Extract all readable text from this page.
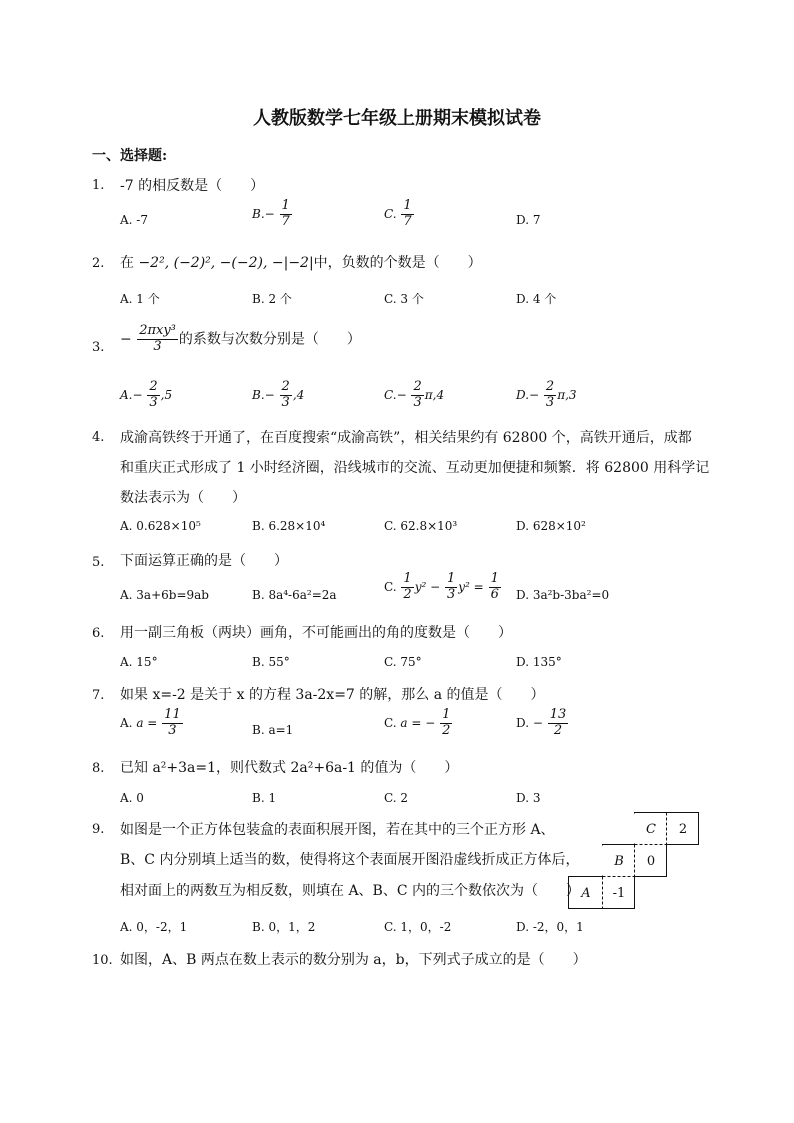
人教版数学七年级上册期末模拟试卷
一、选择题:
1. -7 的相反数是（　　）
A. -7	$B.- \frac{1}{7}$	C. $\frac{1}{7}$	D. 7
2. 在 −2², (−2)², −(−2), −|−2|中，负数的个数是（　　）
A. 1 个	B. 2 个	C. 3 个	D. 4 个
3.
− $\frac{\text{2πxy³}}{3}$ 的系数与次数分别是（　　）
$A.- \frac{2}{3} ,5$	$B.- \frac{2}{3} ,4$	$C.- \frac{2}{3} \pi,4$	$D.- \frac{2}{3} \pi,3$
4. 成渝高铁终于开通了，在百度搜索“成渝高铁”，相关结果约有 62800 个，高铁开通后，成都
和重庆正式形成了 1 小时经济圈，沿线城市的交流、互动更加便捷和频繁．将 62800 用科学记
数法表示为（　　）
A. 0.628×10⁵	B. 6.28×10⁴	C. 62.8×10³	D. 628×10²
5. 下面运算正确的是（　　）
A. 3a+6b=9ab	B. 8a⁴-6a²=2a
C. $\frac{1}{2} y^2 - \frac{1}{3} y^2 = \frac{1}{6} D$. 3a²b-3ba²=0
6. 用一副三角板（两块）画角，不可能画出的角的度数是（　　）
A. 15°	B. 55°	C. 75°	D. 135°
7. 如果 x=-2 是关于 x 的方程 3a-2x=7 的解，那么 a 的值是（　　）
A. $a = \frac{11}{3}$	B. a=1
C. a = − $\frac{1}{2}$	D. − $\frac{13}{2}$
8. 已知 a²+3a=1，则代数式 2a²+6a-1 的值为（　　）
A. 0	B. 1	C. 2	D. 3
9. 如图是一个正方体包装盒的表面积展开图，若在其中的三个正方形 A、
B、C 内分别填上适当的数，使得将这个表面展开图沿虚线折成正方体后，
相对面上的两数互为相反数，则填在 A、B、C 内的三个数依次为（　　）
A. 0，-2，1	B. 0，1，2	C. 1，0，-2	D. -2，0，1
C	2
B	0
A	-1
10. 如图，A、B 两点在数上表示的数分别为 a，b，下列式子成立的是（　　）
